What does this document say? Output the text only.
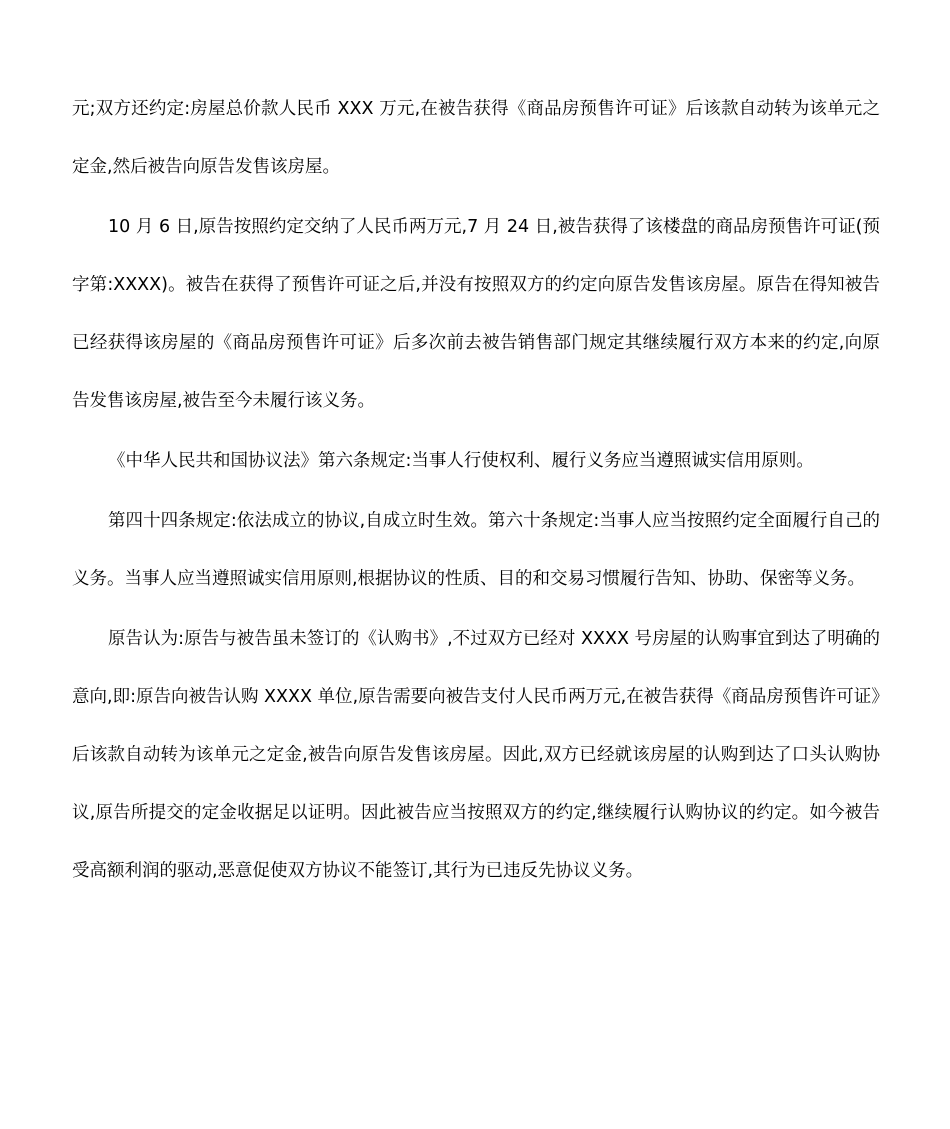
元;双方还约定:房屋总价款人民币 XXX 万元,在被告获得《商品房预售许可证》后该款自动转为该单元之定金,然后被告向原告发售该房屋。

10 月 6 日,原告按照约定交纳了人民币两万元,7 月 24 日,被告获得了该楼盘的商品房预售许可证(预字第:XXXX)。被告在获得了预售许可证之后,并没有按照双方的约定向原告发售该房屋。原告在得知被告已经获得该房屋的《商品房预售许可证》后多次前去被告销售部门规定其继续履行双方本来的约定,向原告发售该房屋,被告至今未履行该义务。

《中华人民共和国协议法》第六条规定:当事人行使权利、履行义务应当遵照诚实信用原则。

第四十四条规定:依法成立的协议,自成立时生效。第六十条规定:当事人应当按照约定全面履行自己的义务。当事人应当遵照诚实信用原则,根据协议的性质、目的和交易习惯履行告知、协助、保密等义务。

原告认为:原告与被告虽未签订的《认购书》,不过双方已经对 XXXX 号房屋的认购事宜到达了明确的意向,即:原告向被告认购 XXXX 单位,原告需要向被告支付人民币两万元,在被告获得《商品房预售许可证》后该款自动转为该单元之定金,被告向原告发售该房屋。因此,双方已经就该房屋的认购到达了口头认购协议,原告所提交的定金收据足以证明。因此被告应当按照双方的约定,继续履行认购协议的约定。如今被告受高额利润的驱动,恶意促使双方协议不能签订,其行为已违反先协议义务。
